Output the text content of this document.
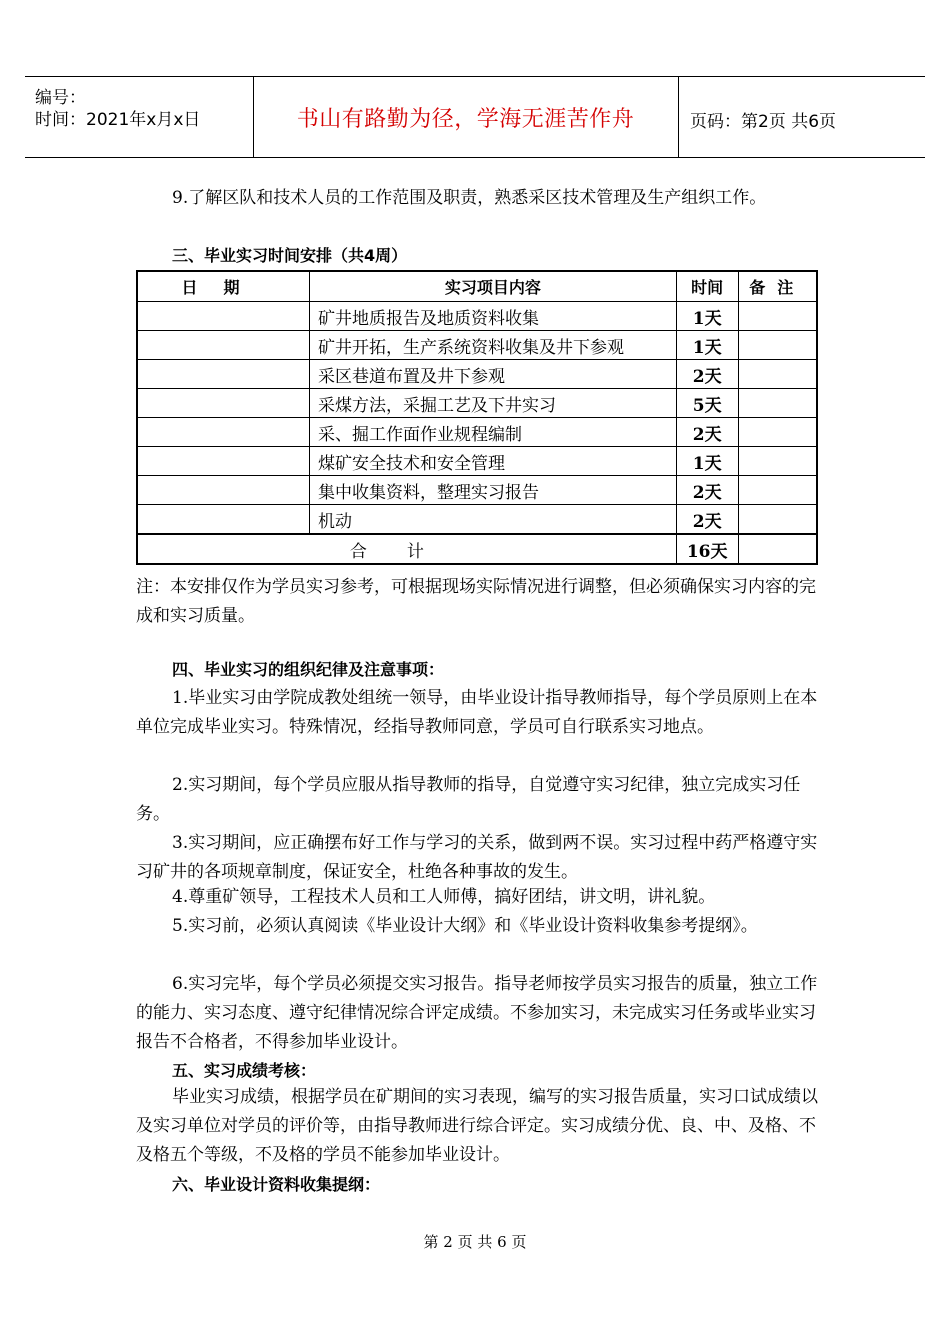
编号：
时间：2021年x月x日	书山有路勤为径，学海无涯苦作舟	页码：第2页 共6页

9.了解区队和技术人员的工作范围及职责，熟悉采区技术管理及生产组织工作。

三、毕业实习时间安排（共4周）

日期	实习项目内容	时间	备注
	矿井地质报告及地质资料收集	1天	
	矿井开拓，生产系统资料收集及井下参观	1天	
	采区巷道布置及井下参观	2天	
	采煤方法，采掘工艺及下井实习	5天	
	采、掘工作面作业规程编制	2天	
	煤矿安全技术和安全管理	1天	
	集中收集资料，整理实习报告	2天	
	机动	2天	
合计		16天	

注：本安排仅作为学员实习参考，可根据现场实际情况进行调整，但必须确保实习内容的完成和实习质量。

四、毕业实习的组织纪律及注意事项：

1.毕业实习由学院成教处组统一领导，由毕业设计指导教师指导，每个学员原则上在本单位完成毕业实习。特殊情况，经指导教师同意，学员可自行联系实习地点。

2.实习期间，每个学员应服从指导教师的指导，自觉遵守实习纪律，独立完成实习任务。

3.实习期间，应正确摆布好工作与学习的关系，做到两不误。实习过程中药严格遵守实习矿井的各项规章制度，保证安全，杜绝各种事故的发生。

4.尊重矿领导，工程技术人员和工人师傅，搞好团结，讲文明，讲礼貌。

5.实习前，必须认真阅读《毕业设计大纲》和《毕业设计资料收集参考提纲》。

6.实习完毕，每个学员必须提交实习报告。指导老师按学员实习报告的质量，独立工作的能力、实习态度、遵守纪律情况综合评定成绩。不参加实习，未完成实习任务或毕业实习报告不合格者，不得参加毕业设计。

五、实习成绩考核：

毕业实习成绩，根据学员在矿期间的实习表现，编写的实习报告质量，实习口试成绩以及实习单位对学员的评价等，由指导教师进行综合评定。实习成绩分优、良、中、及格、不及格五个等级，不及格的学员不能参加毕业设计。

六、毕业设计资料收集提纲：

第 2 页 共 6 页
